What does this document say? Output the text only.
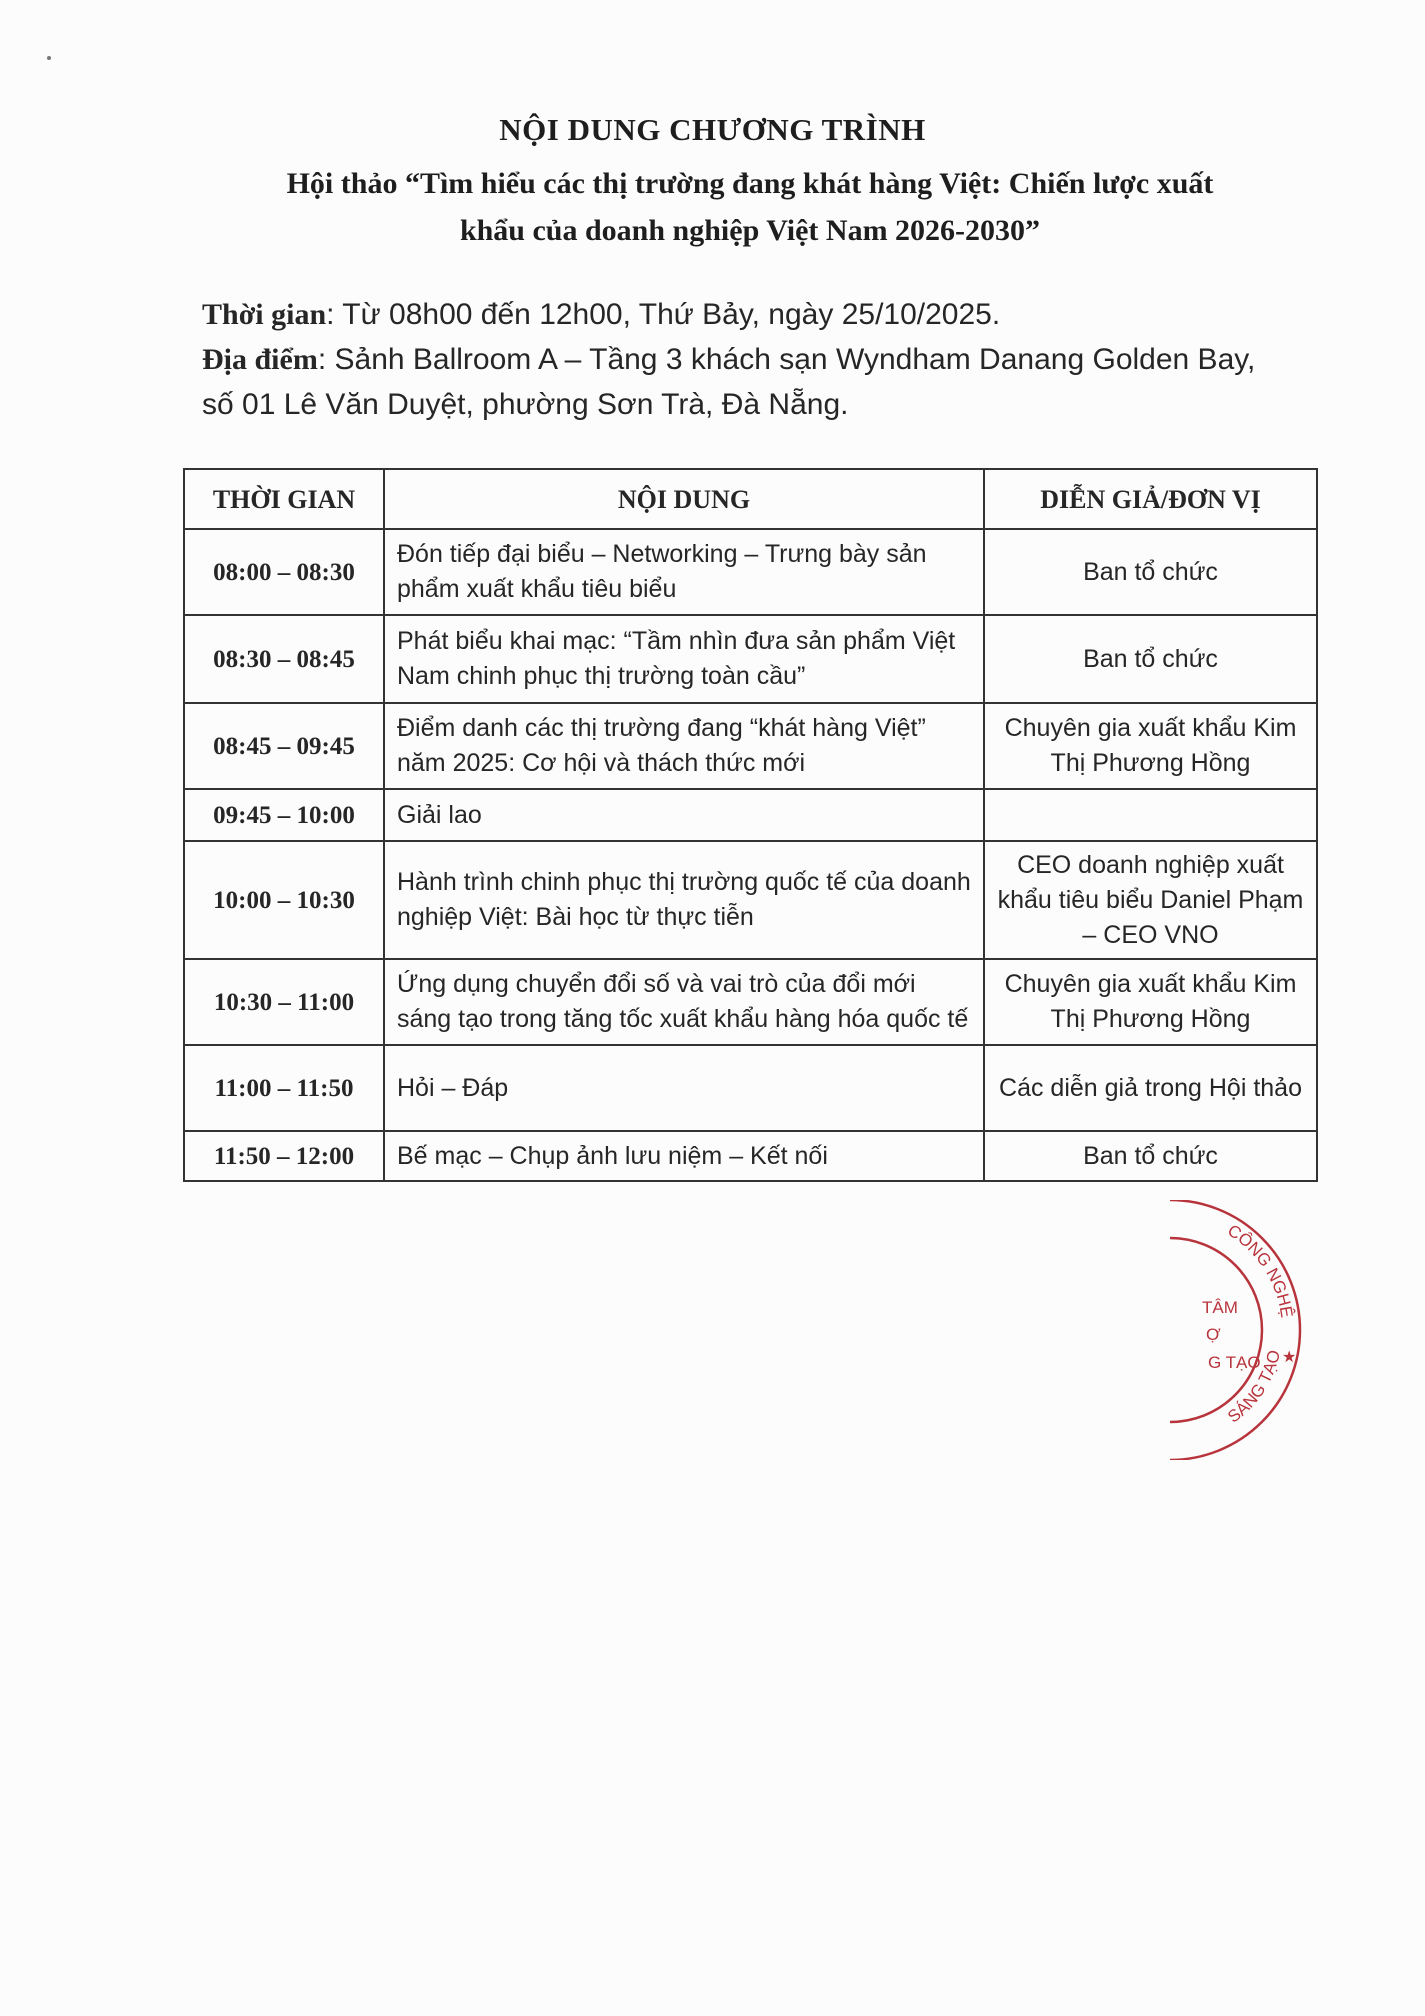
NỘI DUNG CHƯƠNG TRÌNH
Hội thảo “Tìm hiểu các thị trường đang khát hàng Việt: Chiến lược xuất
khẩu của doanh nghiệp Việt Nam 2026-2030”
Thời gian: Từ 08h00 đến 12h00, Thứ Bảy, ngày 25/10/2025.
Địa điểm: Sảnh Ballroom A – Tầng 3 khách sạn Wyndham Danang Golden Bay,
số 01 Lê Văn Duyệt, phường Sơn Trà, Đà Nẵng.
THỜI GIAN	NỘI DUNG	DIỄN GIẢ/ĐƠN VỊ
08:00 – 08:30	Đón tiếp đại biểu – Networking – Trưng bày sản phẩm xuất khẩu tiêu biểu	Ban tổ chức
08:30 – 08:45	Phát biểu khai mạc: “Tầm nhìn đưa sản phẩm Việt Nam chinh phục thị trường toàn cầu”	Ban tổ chức
08:45 – 09:45	Điểm danh các thị trường đang “khát hàng Việt” năm 2025: Cơ hội và thách thức mới	Chuyên gia xuất khẩu Kim Thị Phương Hồng
09:45 – 10:00	Giải lao	
10:00 – 10:30	Hành trình chinh phục thị trường quốc tế của doanh nghiệp Việt: Bài học từ thực tiễn	CEO doanh nghiệp xuất khẩu tiêu biểu Daniel Phạm – CEO VNO
10:30 – 11:00	Ứng dụng chuyển đổi số và vai trò của đổi mới sáng tạo trong tăng tốc xuất khẩu hàng hóa quốc tế	Chuyên gia xuất khẩu Kim Thị Phương Hồng
11:00 – 11:50	Hỏi – Đáp	Các diễn giả trong Hội thảo
11:50 – 12:00	Bế mạc – Chụp ảnh lưu niệm – Kết nối	Ban tổ chức
CÔNG NGHỆ
SÁNG TẠO
TÂM
Ợ
G TẠO ★
